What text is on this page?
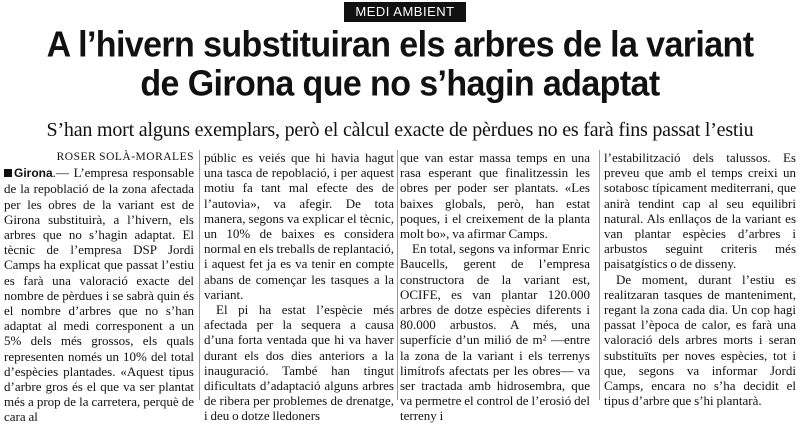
MEDI AMBIENT
A l’hivern substituiran els arbres de la variant
de Girona que no s’hagin adaptat

S’han mort alguns exemplars, però el càlcul exacte de pèrdues no es farà fins passat l’estiu

ROSER SOLÀ-MORALES

Girona.— L’empresa responsable de la repoblació de la zona afectada per les obres de la variant est de Girona substituirà, a l’hivern, els arbres que no s’hagin adaptat. El tècnic de l’empresa DSP Jordi Camps ha explicat que passat l’estiu es farà una valoració exacte del nombre de pèrdues i se sabrà quin és el nombre d’arbres que no s’han adaptat al medi corresponent a un 5% dels més grossos, els quals representen només un 10% del total d’espècies plantades. «Aquest tipus d’arbre gros és el que va ser plantat més a prop de la carretera, perquè de cara al

públic es veiés que hi havia hagut una tasca de repoblació, i per aquest motiu fa tant mal efecte des de l’autovia», va afegir. De tota manera, segons va explicar el tècnic, un 10% de baixes es considera normal en els treballs de replantació, i aquest fet ja es va tenir en compte abans de començar les tasques a la variant.

El pi ha estat l’espècie més afectada per la sequera a causa d’una forta ventada que hi va haver durant els dos dies anteriors a la inauguració. També han tingut dificultats d’adaptació alguns arbres de ribera per problemes de drenatge, i deu o dotze lledoners

que van estar massa temps en una rasa esperant que finalitzessin les obres per poder ser plantats. «Les baixes globals, però, han estat poques, i el creixement de la planta molt bo», va afirmar Camps.

En total, segons va informar Enric Baucells, gerent de l’empresa constructora de la variant est, OCIFE, es van plantar 120.000 arbres de dotze espècies diferents i 80.000 arbustos. A més, una superfície d’un milió de m² —entre la zona de la variant i els terrenys limítrofs afectats per les obres— va ser tractada amb hidrosembra, que va permetre el control de l’erosió del terreny i

l’estabilització dels talussos. Es preveu que amb el temps creixi un sotabosc típicament mediterrani, que anirà tendint cap al seu equilibri natural. Als enllaços de la variant es van plantar espècies d’arbres i arbustos seguint criteris més paisatgístics o de disseny.

De moment, durant l’estiu es realitzaran tasques de manteniment, regant la zona cada dia. Un cop hagi passat l’època de calor, es farà una valoració dels arbres morts i seran substituïts per noves espècies, tot i que, segons va informar Jordi Camps, encara no s’ha decidit el tipus d’arbre que s’hi plantarà.
